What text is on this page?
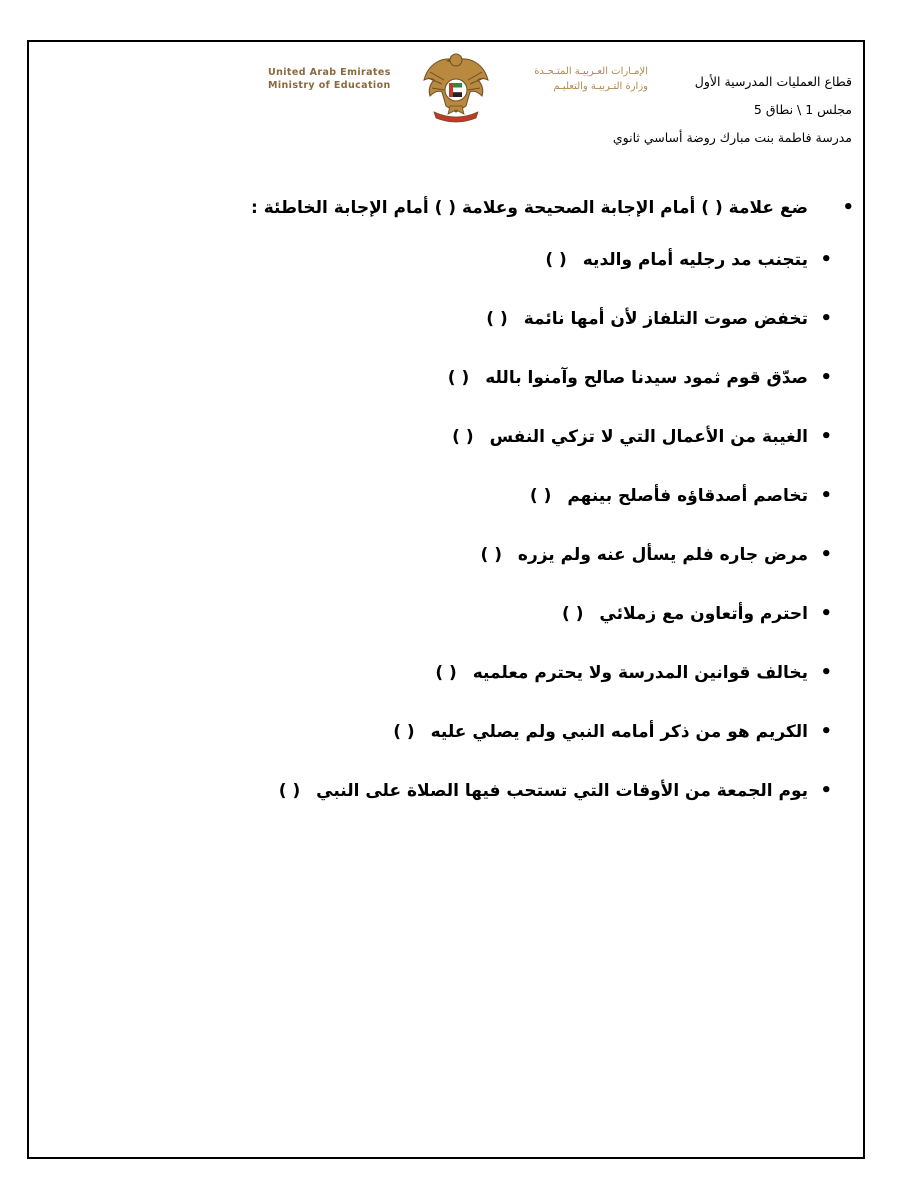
قطاع العمليات المدرسية الأول
مجلس 1 \ نطاق 5
مدرسة فاطمة بنت مبارك روضة أساسي ثانوي
United Arab Emirates
Ministry of Education
الإمـارات العـربيـة المتـحـدة
وزارة التـربيـة والتعليـم
•
ضع علامة ( ) أمام الإجابة الصحيحة وعلامة ( ) أمام الإجابة الخاطئة :
•
يتجنب مد رجليه أمام والديه ( )
•
تخفض صوت التلفاز لأن أمها نائمة ( )
•
صدّق قوم ثمود سيدنا صالح وآمنوا بالله ( )
•
الغيبة من الأعمال التي لا تزكي النفس ( )
•
تخاصم أصدقاؤه فأصلح بينهم ( )
•
مرض جاره فلم يسأل عنه ولم يزره ( )
•
احترم وأتعاون مع زملائي ( )
•
يخالف قوانين المدرسة ولا يحترم معلميه ( )
•
الكريم هو من ذكر أمامه النبي ولم يصلي عليه ( )
•
يوم الجمعة من الأوقات التي تستحب فيها الصلاة على النبي ( )
